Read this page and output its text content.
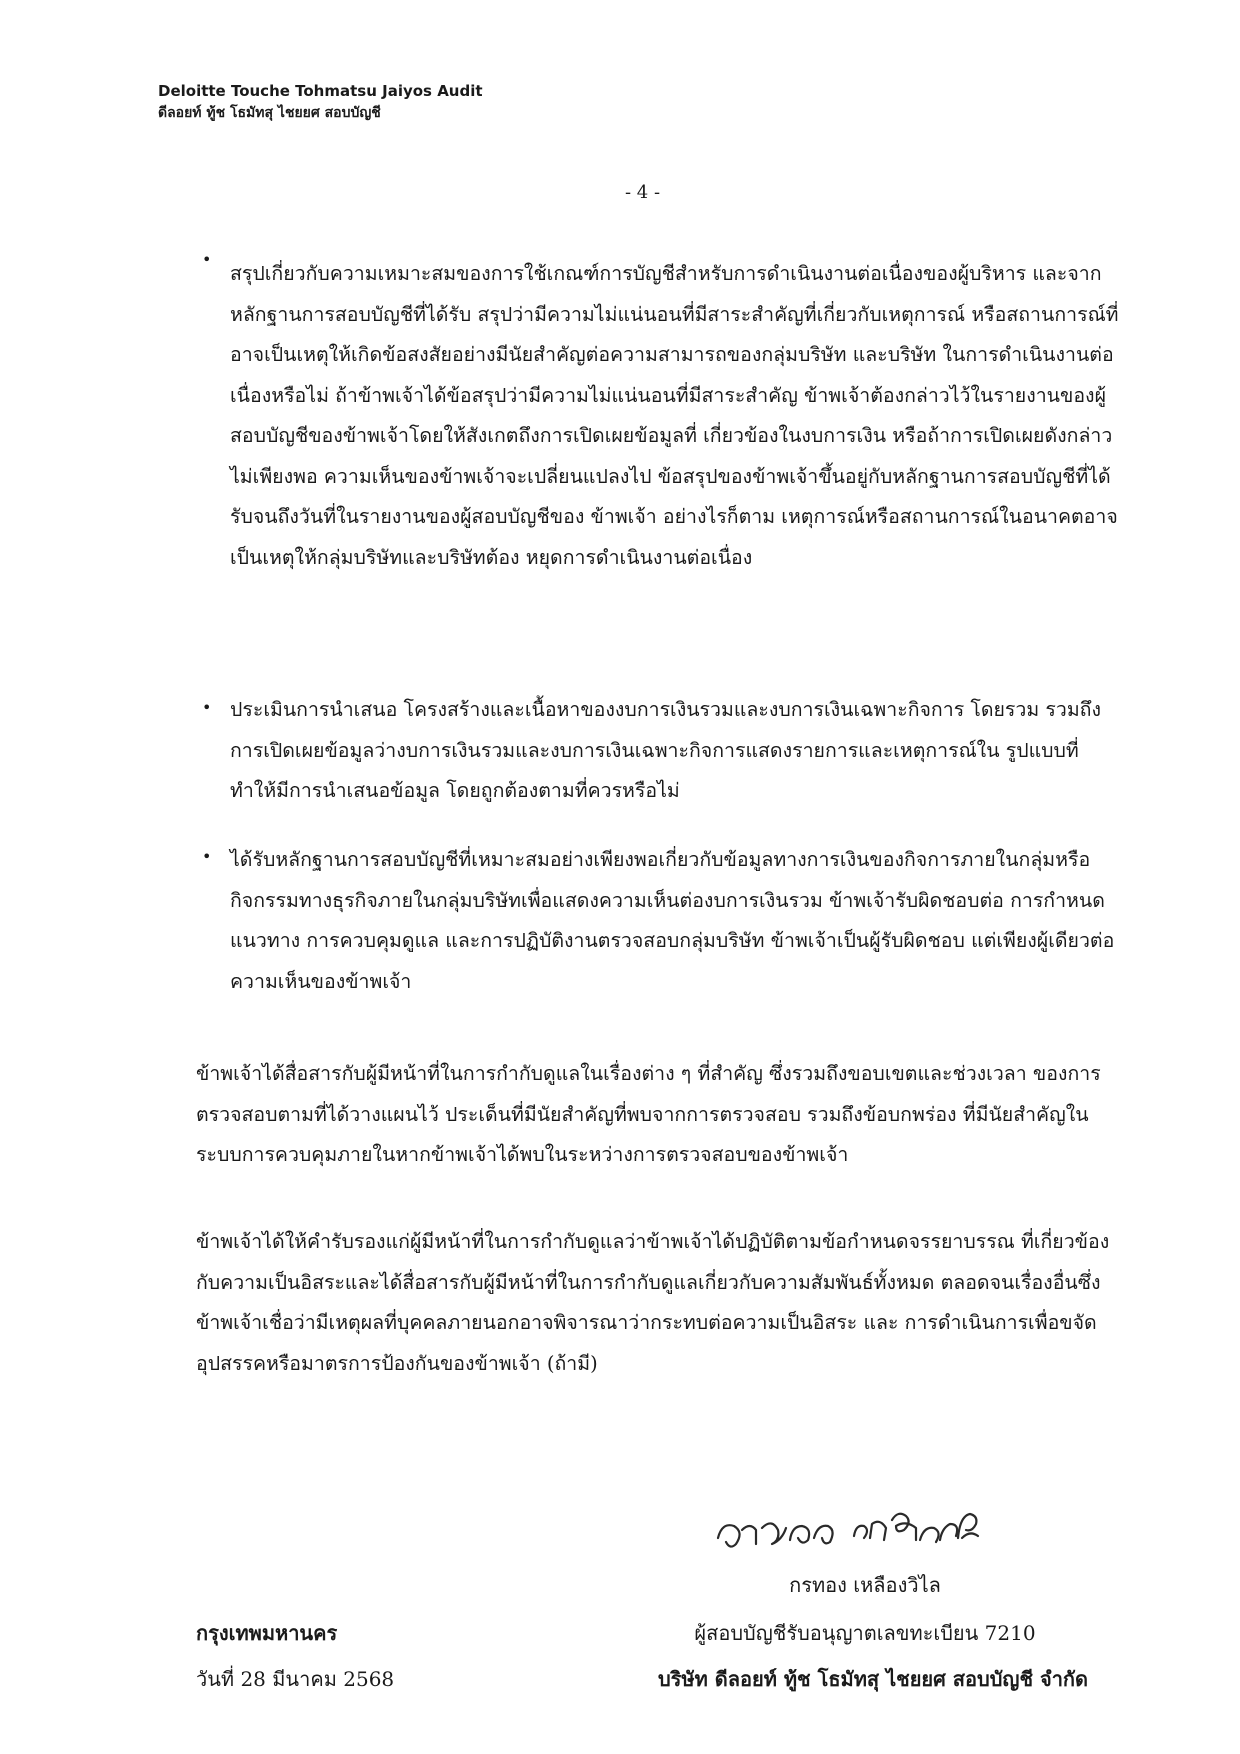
Deloitte Touche Tohmatsu Jaiyos Audit
ดีลอยท์ ทู้ช โธมัทสุ ไชยยศ สอบบัญชี
- 4 -
•

สรุปเกี่ยวกับความเหมาะสมของการใช้เกณฑ์การบัญชีสำหรับการดำเนินงานต่อเนื่องของผู้บริหาร และจากหลักฐานการสอบบัญชีที่ได้รับ สรุปว่ามีความไม่แน่นอนที่มีสาระสำคัญที่เกี่ยวกับเหตุการณ์ หรือสถานการณ์ที่อาจเป็นเหตุให้เกิดข้อสงสัยอย่างมีนัยสำคัญต่อความสามารถของกลุ่มบริษัท และบริษัท ในการดำเนินงานต่อเนื่องหรือไม่ ถ้าข้าพเจ้าได้ข้อสรุปว่ามีความไม่แน่นอนที่มีสาระสำคัญ ข้าพเจ้าต้องกล่าวไว้ในรายงานของผู้สอบบัญชีของข้าพเจ้าโดยให้สังเกตถึงการเปิดเผยข้อมูลที่ เกี่ยวข้องในงบการเงิน หรือถ้าการเปิดเผยดังกล่าวไม่เพียงพอ ความเห็นของข้าพเจ้าจะเปลี่ยนแปลงไป ข้อสรุปของข้าพเจ้าขึ้นอยู่กับหลักฐานการสอบบัญชีที่ได้รับจนถึงวันที่ในรายงานของผู้สอบบัญชีของ ข้าพเจ้า อย่างไรก็ตาม เหตุการณ์หรือสถานการณ์ในอนาคตอาจเป็นเหตุให้กลุ่มบริษัทและบริษัทต้อง หยุดการดำเนินงานต่อเนื่อง

• ประเมินการนำเสนอ โครงสร้างและเนื้อหาของงบการเงินรวมและงบการเงินเฉพาะกิจการ โดยรวม รวมถึงการเปิดเผยข้อมูลว่างบการเงินรวมและงบการเงินเฉพาะกิจการแสดงรายการและเหตุการณ์ใน รูปแบบที่ทำให้มีการนำเสนอข้อมูล โดยถูกต้องตามที่ควรหรือไม่

• ได้รับหลักฐานการสอบบัญชีที่เหมาะสมอย่างเพียงพอเกี่ยวกับข้อมูลทางการเงินของกิจการภายในกลุ่มหรือ กิจกรรมทางธุรกิจภายในกลุ่มบริษัทเพื่อแสดงความเห็นต่องบการเงินรวม ข้าพเจ้ารับผิดชอบต่อ การกำหนดแนวทาง การควบคุมดูแล และการปฏิบัติงานตรวจสอบกลุ่มบริษัท ข้าพเจ้าเป็นผู้รับผิดชอบ แต่เพียงผู้เดียวต่อความเห็นของข้าพเจ้า

ข้าพเจ้าได้สื่อสารกับผู้มีหน้าที่ในการกำกับดูแลในเรื่องต่าง ๆ ที่สำคัญ ซึ่งรวมถึงขอบเขตและช่วงเวลา ของการตรวจสอบตามที่ได้วางแผนไว้ ประเด็นที่มีนัยสำคัญที่พบจากการตรวจสอบ รวมถึงข้อบกพร่อง ที่มีนัยสำคัญในระบบการควบคุมภายในหากข้าพเจ้าได้พบในระหว่างการตรวจสอบของข้าพเจ้า

ข้าพเจ้าได้ให้คำรับรองแก่ผู้มีหน้าที่ในการกำกับดูแลว่าข้าพเจ้าได้ปฏิบัติตามข้อกำหนดจรรยาบรรณ ที่เกี่ยวข้องกับความเป็นอิสระและได้สื่อสารกับผู้มีหน้าที่ในการกำกับดูแลเกี่ยวกับความสัมพันธ์ทั้งหมด ตลอดจนเรื่องอื่นซึ่งข้าพเจ้าเชื่อว่ามีเหตุผลที่บุคคลภายนอกอาจพิจารณาว่ากระทบต่อความเป็นอิสระ และ การดำเนินการเพื่อขจัดอุปสรรคหรือมาตรการป้องกันของข้าพเจ้า (ถ้ามี)

กรทอง เหลืองวิไล
ผู้สอบบัญชีรับอนุญาตเลขทะเบียน 7210
บริษัท ดีลอยท์ ทู้ช โธมัทสุ ไชยยศ สอบบัญชี จำกัด
กรุงเทพมหานคร
วันที่ 28 มีนาคม 2568
